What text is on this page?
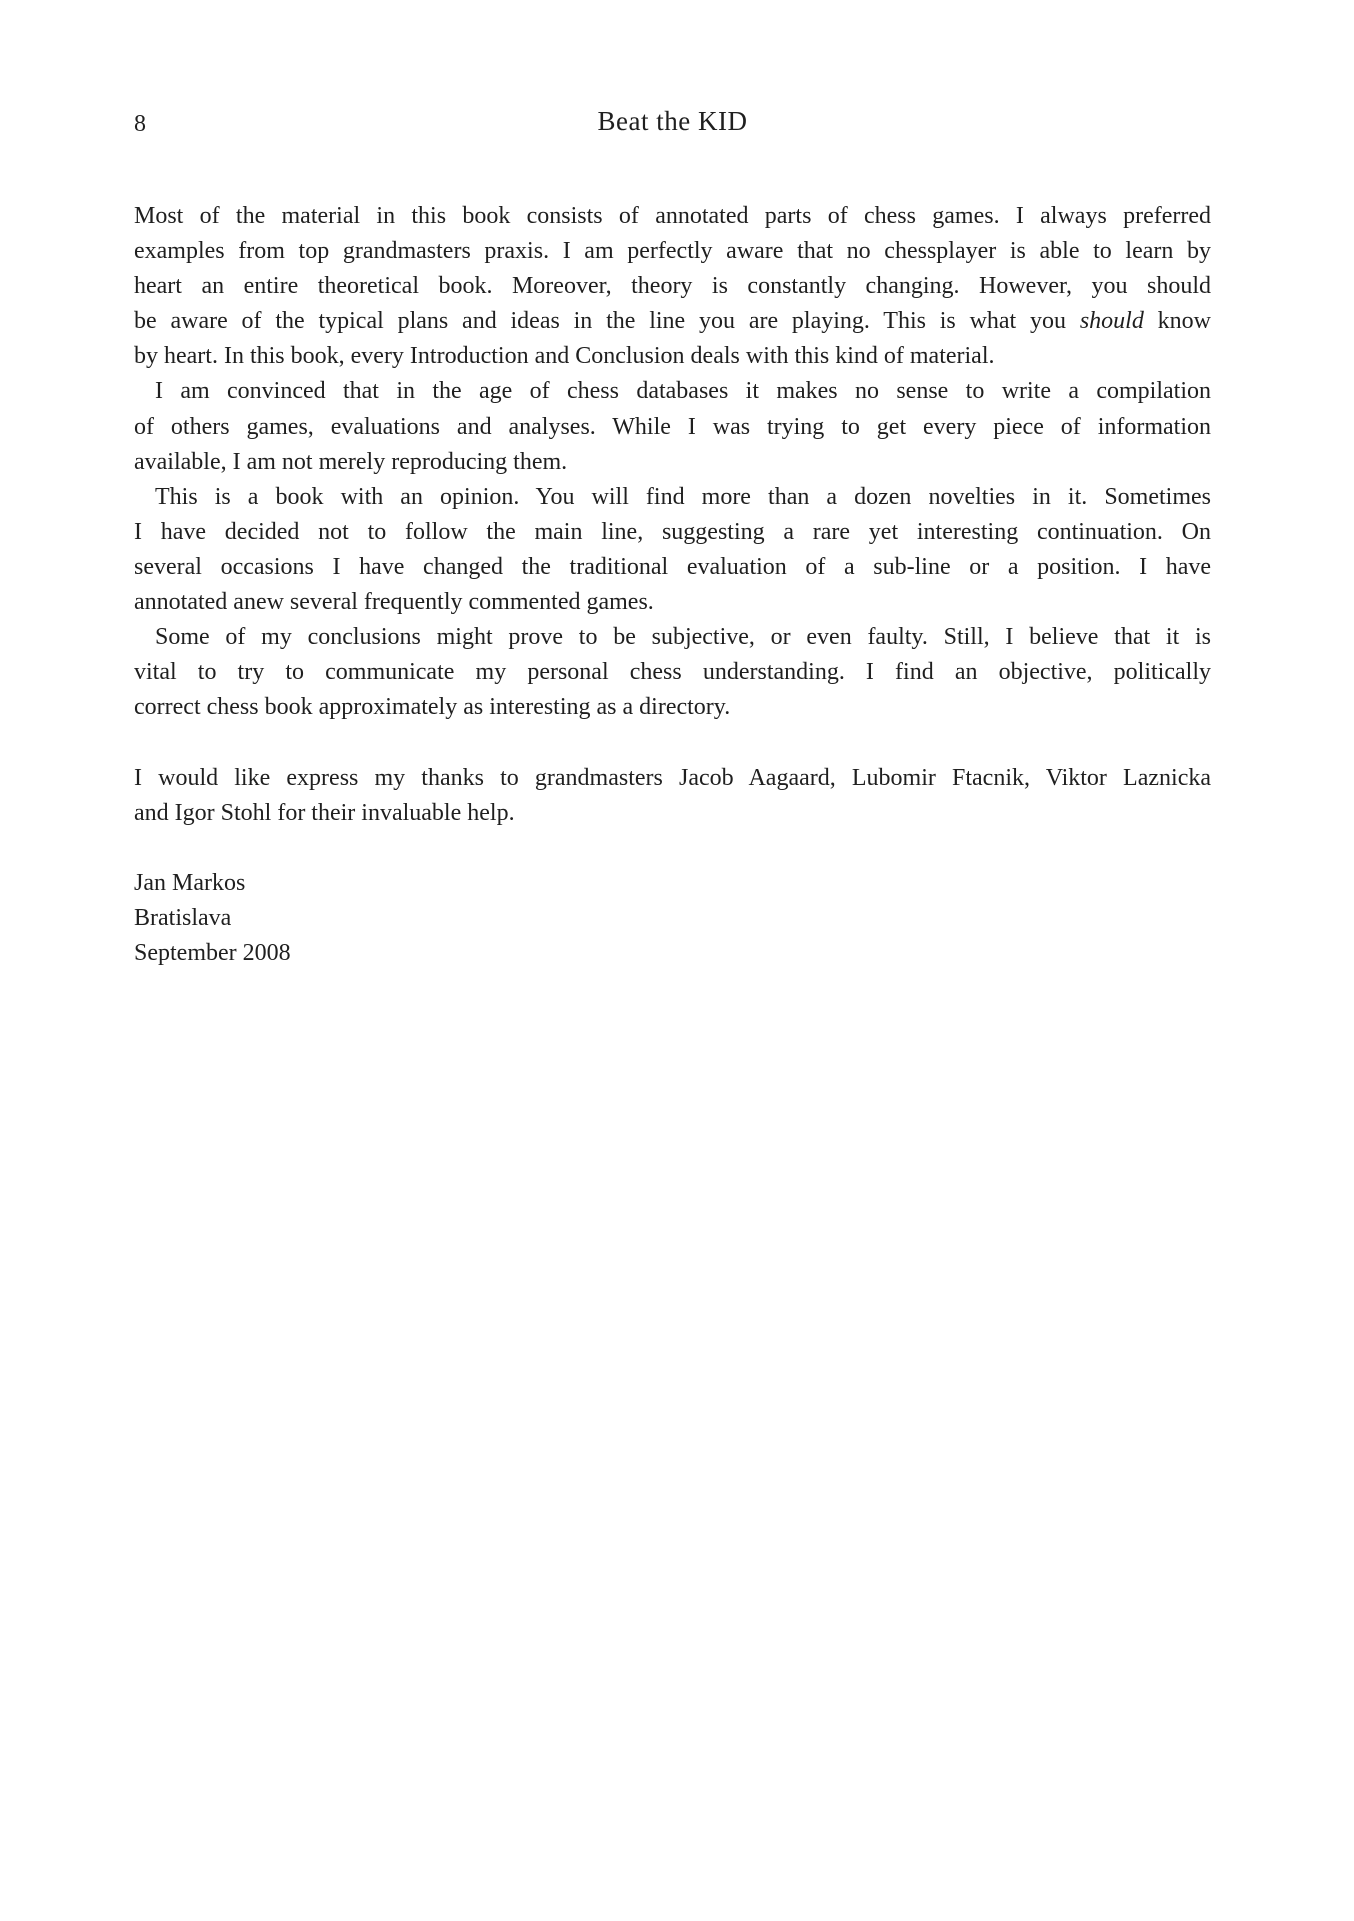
8	Beat the KID
Most of the material in this book consists of annotated parts of chess games. I always preferred
examples from top grandmasters praxis. I am perfectly aware that no chessplayer is able to learn by
heart an entire theoretical book. Moreover, theory is constantly changing. However, you should
be aware of the typical plans and ideas in the line you are playing. This is what you should know
by heart. In this book, every Introduction and Conclusion deals with this kind of material.
I am convinced that in the age of chess databases it makes no sense to write a compilation
of others games, evaluations and analyses. While I was trying to get every piece of information
available, I am not merely reproducing them.
This is a book with an opinion. You will find more than a dozen novelties in it. Sometimes
I have decided not to follow the main line, suggesting a rare yet interesting continuation. On
several occasions I have changed the traditional evaluation of a sub-line or a position. I have
annotated anew several frequently commented games.
Some of my conclusions might prove to be subjective, or even faulty. Still, I believe that it is
vital to try to communicate my personal chess understanding. I find an objective, politically
correct chess book approximately as interesting as a directory.
I would like express my thanks to grandmasters Jacob Aagaard, Lubomir Ftacnik, Viktor Laznicka
and Igor Stohl for their invaluable help.
Jan Markos
Bratislava
September 2008
